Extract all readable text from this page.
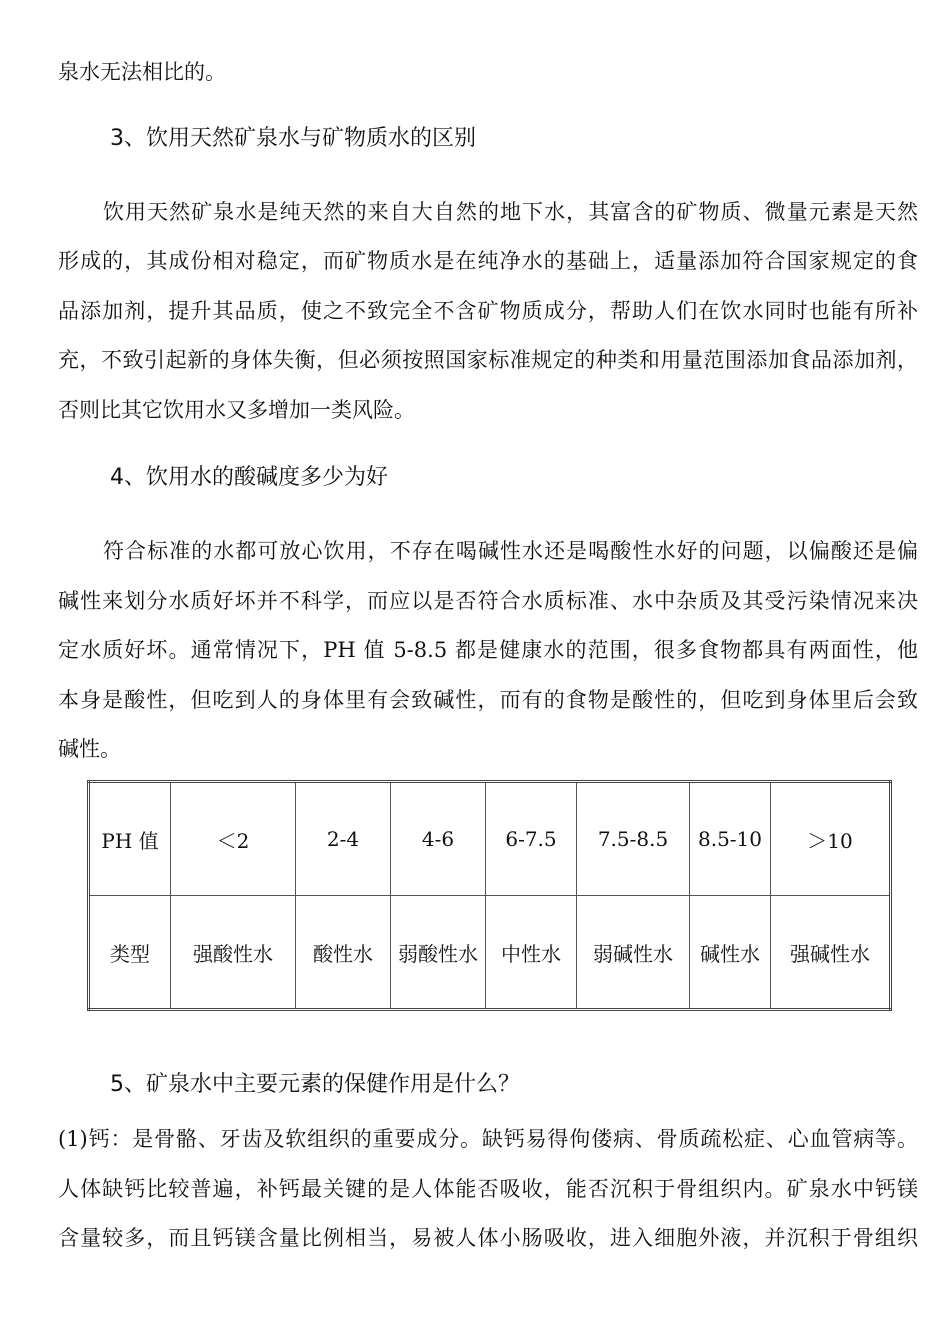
泉水无法相比的。
3、饮用天然矿泉水与矿物质水的区别
饮用天然矿泉水是纯天然的来自大自然的地下水，其富含的矿物质、微量元素是天然
形成的，其成份相对稳定，而矿物质水是在纯净水的基础上，适量添加符合国家规定的食
品添加剂，提升其品质，使之不致完全不含矿物质成分，帮助人们在饮水同时也能有所补
充，不致引起新的身体失衡，但必须按照国家标准规定的种类和用量范围添加食品添加剂，
否则比其它饮用水又多增加一类风险。
4、饮用水的酸碱度多少为好
符合标准的水都可放心饮用，不存在喝碱性水还是喝酸性水好的问题，以偏酸还是偏
碱性来划分水质好坏并不科学，而应以是否符合水质标准、水中杂质及其受污染情况来决
定水质好坏。通常情况下，PH 值 5-8.5 都是健康水的范围，很多食物都具有两面性，他
本身是酸性，但吃到人的身体里有会致碱性，而有的食物是酸性的，但吃到身体里后会致
碱性。
PH 值	＜2	2-4	4-6	6-7.5	7.5-8.5	8.5-10	＞10
类型	强酸性水	酸性水	弱酸性水	中性水	弱碱性水	碱性水	强碱性水
5、矿泉水中主要元素的保健作用是什么？
(1)钙：是骨骼、牙齿及软组织的重要成分。缺钙易得佝偻病、骨质疏松症、心血管病等。
人体缺钙比较普遍，补钙最关键的是人体能否吸收，能否沉积于骨组织内。矿泉水中钙镁
含量较多，而且钙镁含量比例相当，易被人体小肠吸收，进入细胞外液，并沉积于骨组织
